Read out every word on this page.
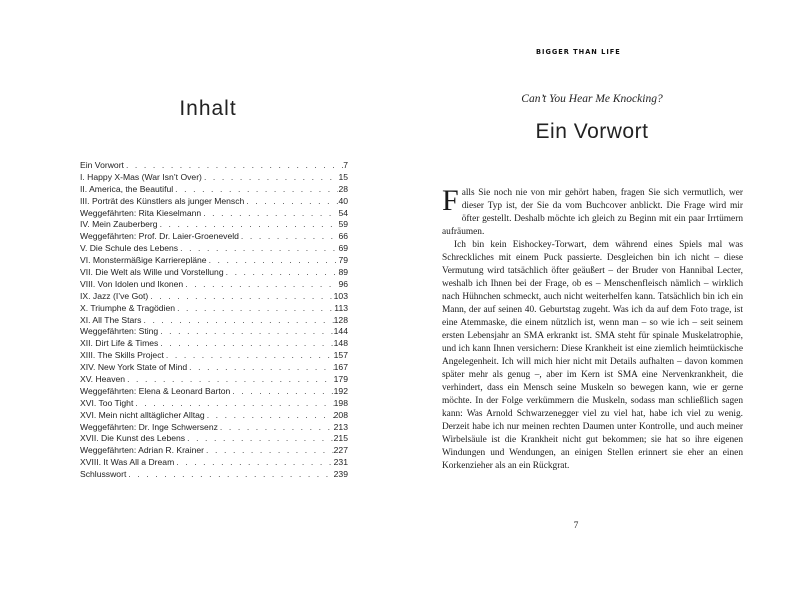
Inhalt
Ein Vorwort . . .	7
I. Happy X-Mas (War Isn’t Over) . . .	15
II. America, the Beautiful . . .	28
III. Porträt des Künstlers als junger Mensch . . .	40
Weggefährten: Rita Kieselmann . . .	54
IV. Mein Zauberberg . . .	59
Weggefährten: Prof. Dr. Laier-Groeneveld . . .	66
V. Die Schule des Lebens . . .	69
VI. Monstermäßige Karrierepläne . . .	79
VII. Die Welt als Wille und Vorstellung . . .	89
VIII. Von Idolen und Ikonen . . .	96
IX. Jazz (I’ve Got) . . .	103
X. Triumphe & Tragödien . . .	113
XI. All The Stars . . .	128
Weggefährten: Sting . . .	144
XII. Dirt Life & Times . . .	148
XIII. The Skills Project . . .	157
XIV. New York State of Mind . . .	167
XV. Heaven . . .	179
Weggefährten: Elena & Leonard Barton . . .	192
XVI. Too Tight . . .	198
XVI. Mein nicht alltäglicher Alltag . . .	208
Weggefährten: Dr. Inge Schwersenz . . .	213
XVII. Die Kunst des Lebens . . .	215
Weggefährten: Adrian R. Krainer . . .	227
XVIII. It Was All a Dream . . .	231
Schlusswort . . .	239
BIGGER THAN LIFE
Can’t You Hear Me Knocking?
Ein Vorwort

Falls Sie noch nie von mir gehört haben, fragen Sie sich vermutlich, wer dieser Typ ist, der Sie da vom Buchcover anblickt. Die Frage wird mir öfter gestellt. Deshalb möchte ich gleich zu Beginn mit ein paar Irrtümern aufräumen.

Ich bin kein Eishockey-Torwart, dem während eines Spiels mal was Schreckliches mit einem Puck passierte. Desgleichen bin ich nicht – diese Vermutung wird tatsächlich öfter geäußert – der Bruder von Hannibal Lecter, weshalb ich Ihnen bei der Frage, ob es – Menschenfleisch nämlich – wirklich nach Hühnchen schmeckt, auch nicht weiterhelfen kann. Tatsächlich bin ich ein Mann, der auf seinen 40. Geburtstag zugeht. Was ich da auf dem Foto trage, ist eine Atemmaske, die einem nützlich ist, wenn man – so wie ich – seit seinem ersten Lebensjahr an SMA erkrankt ist. SMA steht für spinale Muskelatrophie, und ich kann Ihnen versichern: Diese Krankheit ist eine ziemlich heimtückische Angelegenheit. Ich will mich hier nicht mit Details aufhalten – davon kommen später mehr als genug –, aber im Kern ist SMA eine Nervenkrankheit, die verhindert, dass ein Mensch seine Muskeln so bewegen kann, wie er gerne möchte. In der Folge verkümmern die Muskeln, sodass man schließlich sagen kann: Was Arnold Schwarzenegger viel zu viel hat, habe ich viel zu wenig. Derzeit habe ich nur meinen rechten Daumen unter Kontrolle, und auch meiner Wirbelsäule ist die Krankheit nicht gut bekommen; sie hat so ihre eigenen Windungen und Wendungen, an einigen Stellen erinnert sie eher an einen Korkenzieher als an ein Rückgrat.

7
